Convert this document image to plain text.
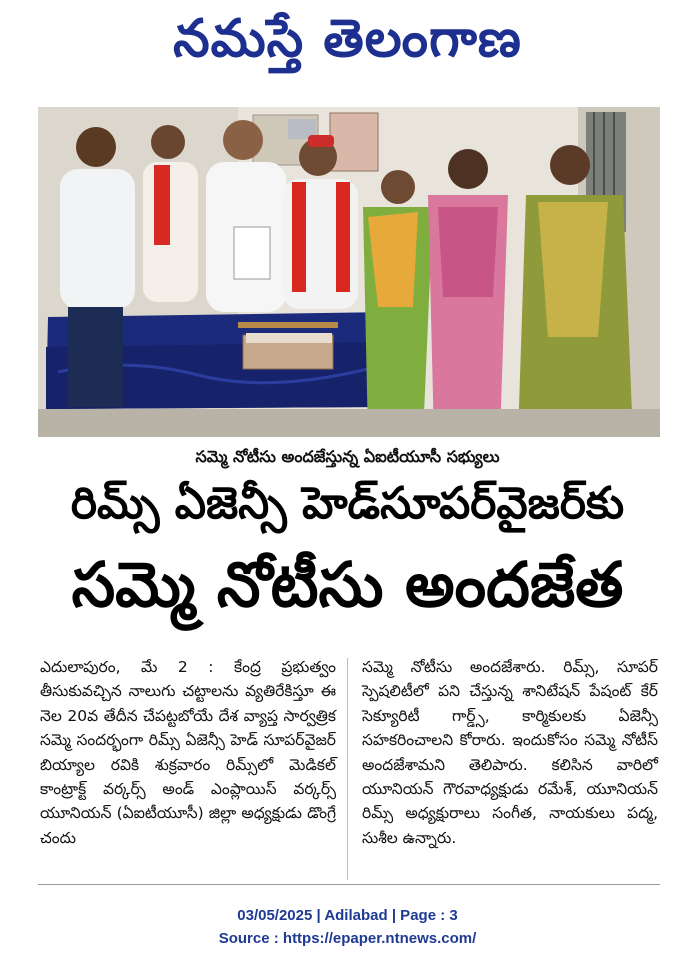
నమస్తే తెలంగాణ
సమ్మె నోటీసు అందజేస్తున్న ఏఐటీయూసీ సభ్యులు
రిమ్స్ ఏజెన్సీ హెడ్‌సూపర్‌వైజర్‌కు
సమ్మె నోటీసు అందజేత
ఎదులాపురం, మే 2 : కేంద్ర ప్రభుత్వం తీసుకువచ్చిన నాలుగు చట్టాలను వ్యతిరేకిస్తూ ఈ నెల 20వ తేదీన చేపట్టబోయే దేశ వ్యాప్త సార్వత్రిక సమ్మె సందర్భంగా రిమ్స్ ఏజెన్సీ హెడ్ సూపర్‌వైజర్ బియ్యాల రవికి శుక్రవారం రిమ్స్‌లో మెడికల్ కాంట్రాక్ట్ వర్కర్స్ అండ్ ఎంప్లాయిస్ వర్కర్స్ యూనియన్ (ఏఐటీయూసీ) జిల్లా అధ్యక్షుడు డొంగ్రే చందు
సమ్మె నోటీసు అందజేశారు. రిమ్స్, సూపర్ స్పెషలిటీలో పని చేస్తున్న శానిటేషన్ పేషంట్ కేర్ సెక్యూరిటీ గార్డ్స్, కార్మికులకు ఏజెన్సీ సహకరించాలని కోరారు. ఇందుకోసం సమ్మె నోటీస్ అందజేశామని తెలిపారు. కలిసిన వారిలో యూనియన్ గౌరవాధ్యక్షుడు రమేశ్, యూనియన్ రిమ్స్ అధ్యక్షురాలు సంగీత, నాయకులు పద్మ, సుశీల ఉన్నారు.
03/05/2025 | Adilabad | Page : 3
Source : https://epaper.ntnews.com/
